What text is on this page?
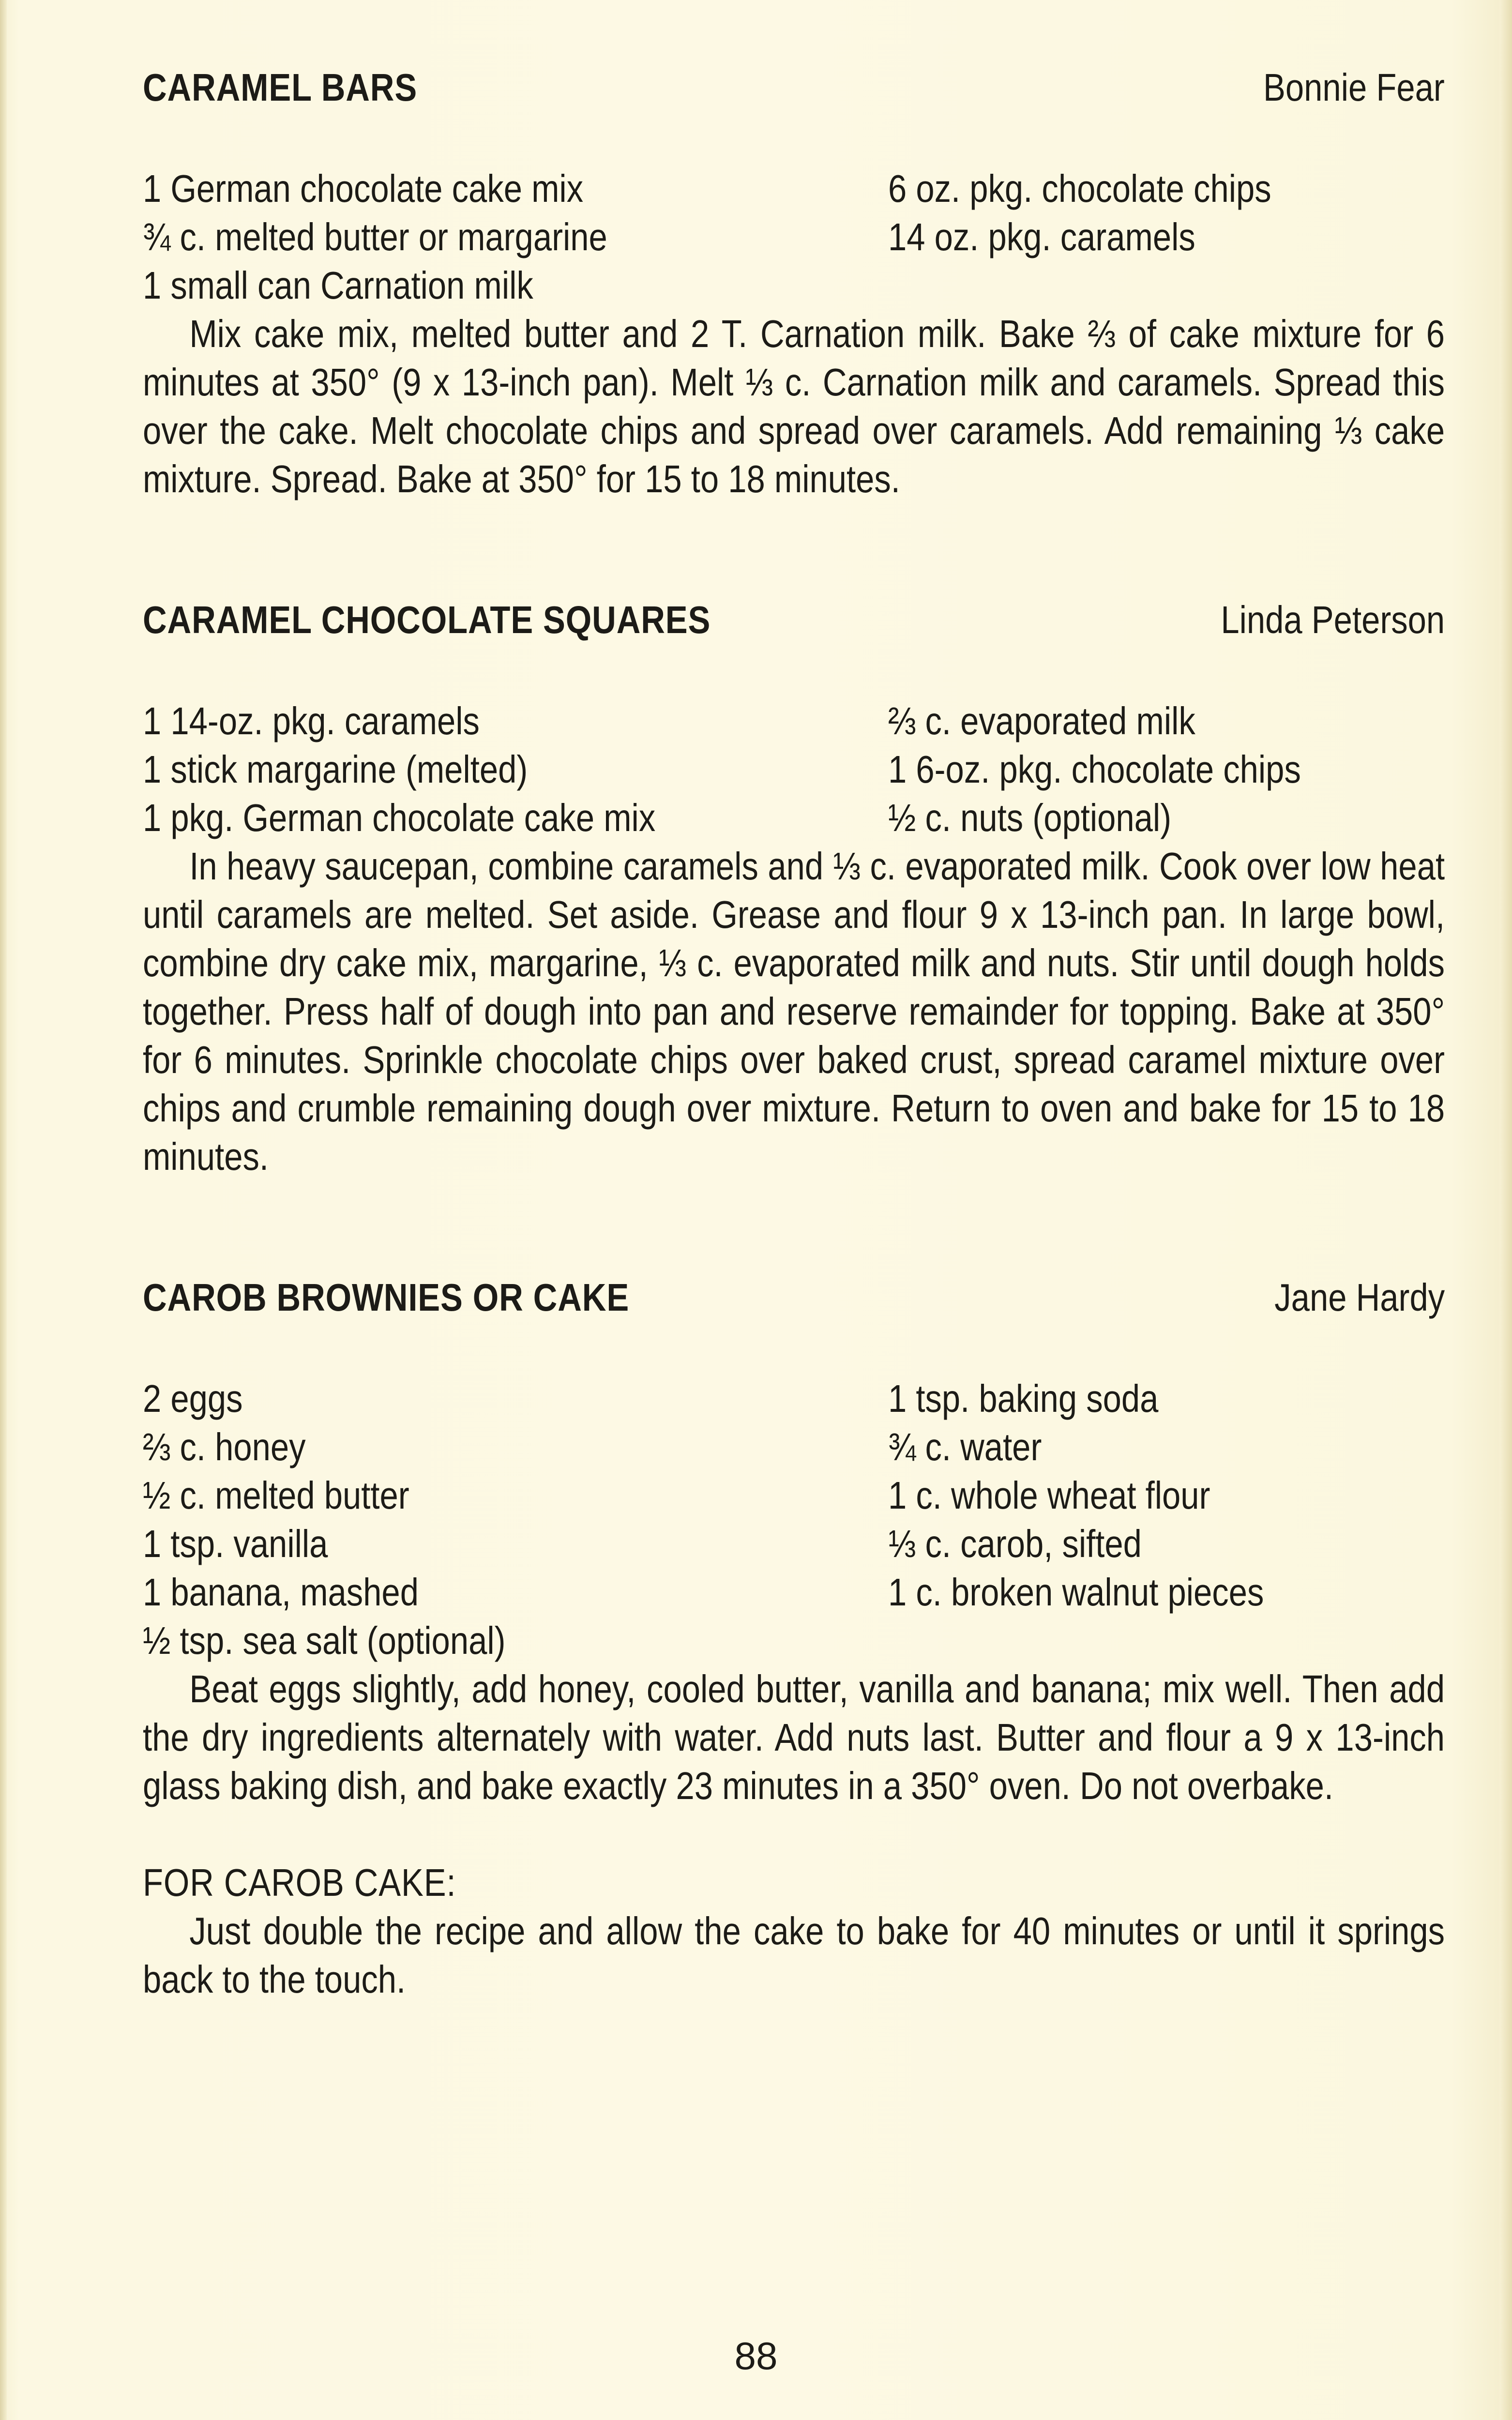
CARAMEL BARS	Bonnie Fear
1 German chocolate cake mix	6 oz. pkg. chocolate chips
¾ c. melted butter or margarine	14 oz. pkg. caramels
1 small can Carnation milk

Mix cake mix, melted butter and 2 T. Carnation milk. Bake ⅔ of cake mixture for 6 minutes at 350° (9 x 13-inch pan). Melt ⅓ c. Carnation milk and caramels. Spread this over the cake. Melt chocolate chips and spread over caramels. Add remaining ⅓ cake mixture. Spread. Bake at 350° for 15 to 18 minutes.

CARAMEL CHOCOLATE SQUARES	Linda Peterson
1 14-oz. pkg. caramels	⅔ c. evaporated milk
1 stick margarine (melted)	1 6-oz. pkg. chocolate chips
1 pkg. German chocolate cake mix	½ c. nuts (optional)

In heavy saucepan, combine caramels and ⅓ c. evaporated milk. Cook over low heat until caramels are melted. Set aside. Grease and flour 9 x 13-inch pan. In large bowl, combine dry cake mix, margarine, ⅓ c. evaporated milk and nuts. Stir until dough holds together. Press half of dough into pan and reserve remainder for topping. Bake at 350° for 6 minutes. Sprinkle chocolate chips over baked crust, spread caramel mixture over chips and crumble remaining dough over mixture. Return to oven and bake for 15 to 18 minutes.

CAROB BROWNIES OR CAKE	Jane Hardy
2 eggs	1 tsp. baking soda
⅔ c. honey	¾ c. water
½ c. melted butter	1 c. whole wheat flour
1 tsp. vanilla	⅓ c. carob, sifted
1 banana, mashed	1 c. broken walnut pieces
½ tsp. sea salt (optional)

Beat eggs slightly, add honey, cooled butter, vanilla and banana; mix well. Then add the dry ingredients alternately with water. Add nuts last. Butter and flour a 9 x 13-inch glass baking dish, and bake exactly 23 minutes in a 350° oven. Do not overbake.

FOR CAROB CAKE:

Just double the recipe and allow the cake to bake for 40 minutes or until it springs back to the touch.

88
